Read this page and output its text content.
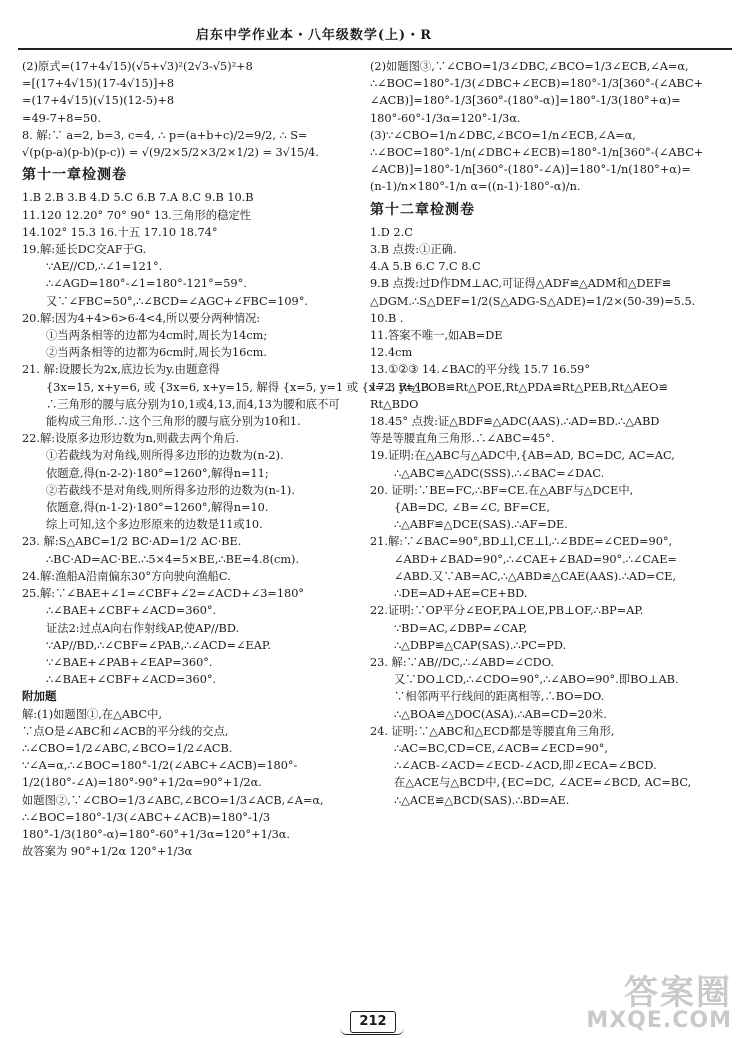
启东中学作业本・八年级数学(上)・R
(2)原式=(17+4√15)(√5+√3)²(2√3-√5)²+8
=[(17+4√15)(17-4√15)]+8
=(17+4√15)(√15)(12-5)+8
=49-7+8=50.
8. 解:∵ a=2, b=3, c=4, ∴ p=(a+b+c)/2=9/2, ∴ S=
√(p(p-a)(p-b)(p-c)) = √(9/2×5/2×3/2×1/2) = 3√15/4.
第十一章检测卷
1.B 2.B 3.B 4.D 5.C 6.B 7.A 8.C 9.B 10.B
11.120 12.20° 70° 90° 13.三角形的稳定性
14.102° 15.3 16.十五 17.10 18.74°
19.解:延长DC交AF于G.
∵AE//CD,∴∠1=121°.
∴∠AGD=180°-∠1=180°-121°=59°.
又∵∠FBC=50°,∴∠BCD=∠AGC+∠FBC=109°.
20.解:因为4+4>6>6-4<4,所以要分两种情况:
①当两条相等的边都为4cm时,周长为14cm;
②当两条相等的边都为6cm时,周长为16cm.
21. 解:设腰长为2x,底边长为y.由题意得
{3x=15, x+y=6, 或 {3x=6, x+y=15, 解得 {x=5, y=1 或 {x=2, y=13.
∴三角形的腰与底分别为10,1或4,13,而4,13为腰和底不可
能构成三角形.∴这个三角形的腰与底分别为10和1.
22.解:设原多边形边数为n,则截去两个角后.
①若截线为对角线,则所得多边形的边数为(n-2).
依题意,得(n-2-2)·180°=1260°,解得n=11;
②若截线不是对角线,则所得多边形的边数为(n-1).
依题意,得(n-1-2)·180°=1260°,解得n=10.
综上可知,这个多边形原来的边数是11或10.
23. 解:S△ABC=1/2 BC·AD=1/2 AC·BE.
∴BC·AD=AC·BE.∴5×4=5×BE,∴BE=4.8(cm).
24.解:渔船A沿南偏东30°方向驶向渔船C.
25.解:∵∠BAE+∠1=∠CBF+∠2=∠ACD+∠3=180°
∴∠BAE+∠CBF+∠ACD=360°.
证法2:过点A向右作射线AP,使AP//BD.
∵AP//BD,∴∠CBF=∠PAB,∴∠ACD=∠EAP.
∵∠BAE+∠PAB+∠EAP=360°.
∴∠BAE+∠CBF+∠ACD=360°.
附加题
解:(1)如题图①,在△ABC中,
∵点O是∠ABC和∠ACB的平分线的交点,
∴∠CBO=1/2∠ABC,∠BCO=1/2∠ACB.
∵∠A=α,∴∠BOC=180°-1/2(∠ABC+∠ACB)=180°-
1/2(180°-∠A)=180°-90°+1/2α=90°+1/2α.
如题图②,∵∠CBO=1/3∠ABC,∠BCO=1/3∠ACB,∠A=α,
∴∠BOC=180°-1/3(∠ABC+∠ACB)=180°-1/3
180°-1/3(180°-α)=180°-60°+1/3α=120°+1/3α.
故答案为 90°+1/2α 120°+1/3α
(2)如题图③,∵∠CBO=1/3∠DBC,∠BCO=1/3∠ECB,∠A=α,
∴∠BOC=180°-1/3(∠DBC+∠ECB)=180°-1/3[360°-(∠ABC+
∠ACB)]=180°-1/3[360°-(180°-α)]=180°-1/3(180°+α)=
180°-60°-1/3α=120°-1/3α.
(3)∵∠CBO=1/n∠DBC,∠BCO=1/n∠ECB,∠A=α,
∴∠BOC=180°-1/n(∠DBC+∠ECB)=180°-1/n[360°-(∠ABC+
∠ACB)]=180°-1/n[360°-(180°-∠A)]=180°-1/n(180°+α)=
(n-1)/n×180°-1/n α=((n-1)·180°-α)/n.
第十二章检测卷
1.D 2.C
3.B 点拨:①正确.
4.A 5.B 6.C 7.C 8.C
9.B 点拨:过D作DM⊥AC,可证得△ADF≌△ADM和△DEF≌
△DGM.∴S△DEF=1/2(S△ADG-S△ADE)=1/2×(50-39)=5.5.
10.B .
11.答案不唯一,如AB=DE
12.4cm
13.①②③ 14.∠BAC的平分线 15.7 16.59°
17.3 Rt△POB≌Rt△POE,Rt△PDA≌Rt△PEB,Rt△AEO≌
Rt△BDO
18.45° 点拨:证△BDF≌△ADC(AAS).∴AD=BD.∴△ABD
等是等腰直角三角形.∴∠ABC=45°.
19.证明:在△ABC与△ADC中,{AB=AD, BC=DC, AC=AC,
∴△ABC≌△ADC(SSS).∴∠BAC=∠DAC.
20. 证明:∵BE=FC,∴BF=CE.在△ABF与△DCE中,
{AB=DC, ∠B=∠C, BF=CE,
∴△ABF≌△DCE(SAS).∴AF=DE.
21.解:∵∠BAC=90°,BD⊥l,CE⊥l,∴∠BDE=∠CED=90°,
∠ABD+∠BAD=90°,∴∠CAE+∠BAD=90°.∴∠CAE=
∠ABD.又∵AB=AC,∴△ABD≌△CAE(AAS).∴AD=CE,
∴DE=AD+AE=CE+BD.
22.证明:∵OP平分∠EOF,PA⊥OE,PB⊥OF,∴BP=AP.
∵BD=AC,∠DBP=∠CAP,
∴△DBP≌△CAP(SAS).∴PC=PD.
23. 解:∵AB//DC,∴∠ABD=∠CDO.
又∵DO⊥CD,∴∠CDO=90°,∴∠ABO=90°.即BO⊥AB.
∵相邻两平行线间的距离相等,∴BO=DO.
∴△BOA≌△DOC(ASA).∴AB=CD=20米.
24. 证明:∵△ABC和△ECD都是等腰直角三角形,
∴AC=BC,CD=CE,∠ACB=∠ECD=90°,
∴∠ACB-∠ACD=∠ECD-∠ACD,即∠ECA=∠BCD.
在△ACE与△BCD中,{EC=DC, ∠ACE=∠BCD, AC=BC,
∴△ACE≌△BCD(SAS).∴BD=AE.
212
答案圈
MXQE.COM
